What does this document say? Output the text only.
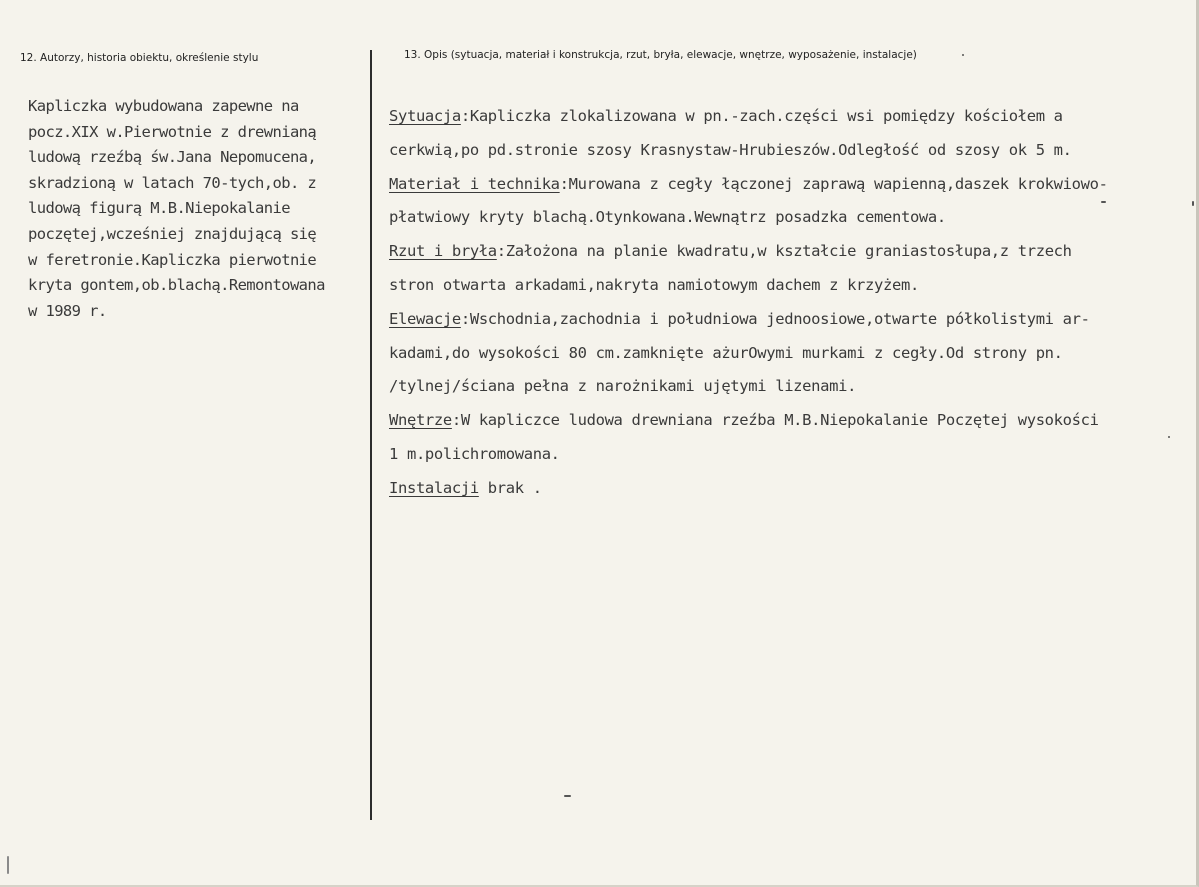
12. Autorzy, historia obiektu, określenie stylu	13. Opis (sytuacja, materiał i konstrukcja, rzut, bryła, elewacje, wnętrze, wyposażenie, instalacje)
Kapliczka wybudowana zapewne na
pocz.XIX w.Pierwotnie z drewnianą
ludową rzeźbą św.Jana Nepomucena,
skradzioną w latach 70-tych,ob. z
ludową figurą M.B.Niepokalanie
poczętej,wcześniej znajdującą się
w feretronie.Kapliczka pierwotnie
kryta gontem,ob.blachą.Remontowana
w 1989 r.
Sytuacja:Kapliczka zlokalizowana w pn.-zach.części wsi pomiędzy kościołem a
cerkwią,po pd.stronie szosy Krasnystaw-Hrubieszów.Odległość od szosy ok 5 m.
Materiał i technika:Murowana z cegły łączonej zaprawą wapienną,daszek krokwiowo-
płatwiowy kryty blachą.Otynkowana.Wewnątrz posadzka cementowa.
Rzut i bryła:Założona na planie kwadratu,w kształcie graniastosłupa,z trzech
stron otwarta arkadami,nakryta namiotowym dachem z krzyżem.
Elewacje:Wschodnia,zachodnia i południowa jednoosiowe,otwarte półkolistymi ar-
kadami,do wysokości 80 cm.zamknięte ażurOwymi murkami z cegły.Od strony pn.
/tylnej/ściana pełna z narożnikami ujętymi lizenami.
Wnętrze:W kapliczce ludowa drewniana rzeźba M.B.Niepokalanie Poczętej wysokości
1 m.polichromowana.
Instalacji brak .
